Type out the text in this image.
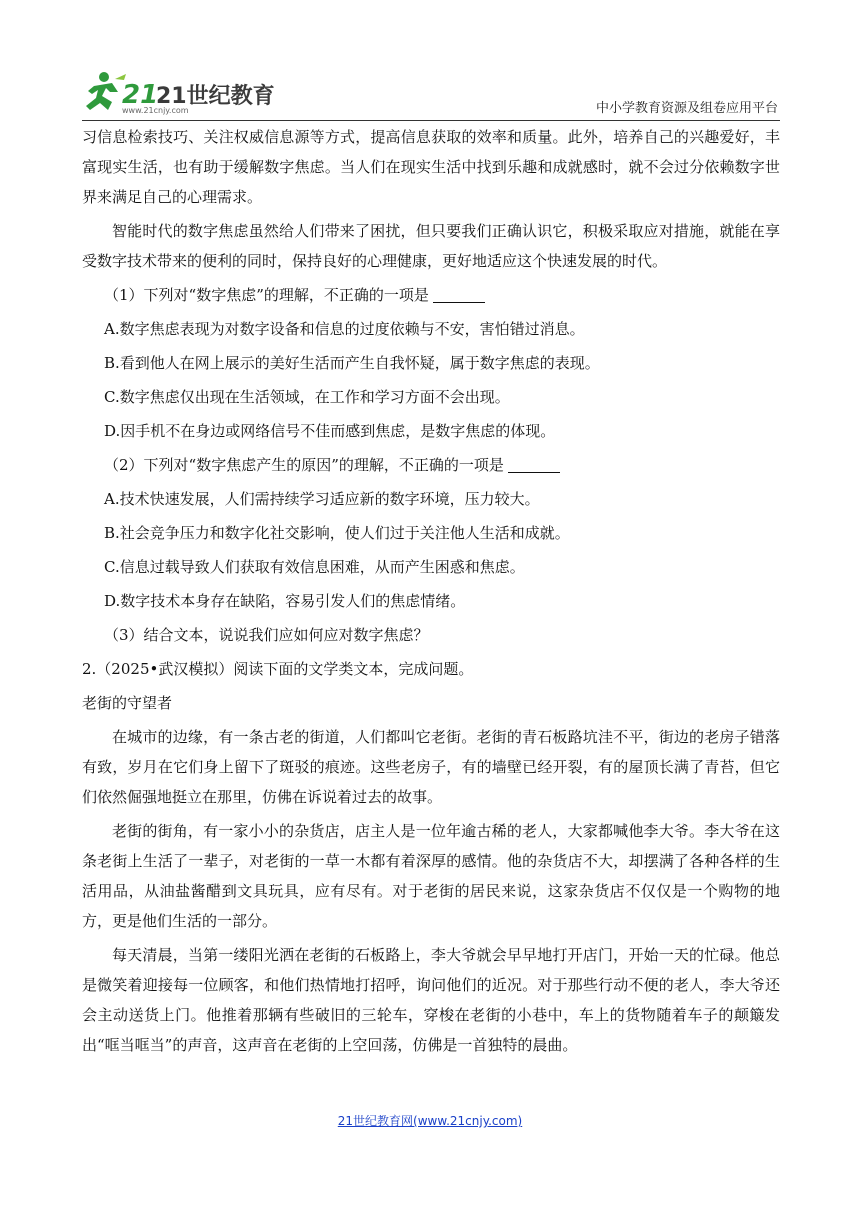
21
21世纪教育
www.21cnjy.com	中小学教育资源及组卷应用平台

习信息检索技巧、关注权威信息源等方式，提高信息获取的效率和质量。此外，培养自己的兴趣爱好，丰富现实生活，也有助于缓解数字焦虑。当人们在现实生活中找到乐趣和成就感时，就不会过分依赖数字世界来满足自己的心理需求。

智能时代的数字焦虑虽然给人们带来了困扰，但只要我们正确认识它，积极采取应对措施，就能在享受数字技术带来的便利的同时，保持良好的心理健康，更好地适应这个快速发展的时代。

（1）下列对“数字焦虑”的理解，不正确的一项是

A.数字焦虑表现为对数字设备和信息的过度依赖与不安，害怕错过消息。

B.看到他人在网上展示的美好生活而产生自我怀疑，属于数字焦虑的表现。

C.数字焦虑仅出现在生活领域，在工作和学习方面不会出现。

D.因手机不在身边或网络信号不佳而感到焦虑，是数字焦虑的体现。

（2）下列对“数字焦虑产生的原因”的理解，不正确的一项是

A.技术快速发展，人们需持续学习适应新的数字环境，压力较大。

B.社会竞争压力和数字化社交影响，使人们过于关注他人生活和成就。

C.信息过载导致人们获取有效信息困难，从而产生困惑和焦虑。

D.数字技术本身存在缺陷，容易引发人们的焦虑情绪。

（3）结合文本，说说我们应如何应对数字焦虑？

2.（2025•武汉模拟）阅读下面的文学类文本，完成问题。

老街的守望者

在城市的边缘，有一条古老的街道，人们都叫它老街。老街的青石板路坑洼不平，街边的老房子错落有致，岁月在它们身上留下了斑驳的痕迹。这些老房子，有的墙壁已经开裂，有的屋顶长满了青苔，但它们依然倔强地挺立在那里，仿佛在诉说着过去的故事。

老街的街角，有一家小小的杂货店，店主人是一位年逾古稀的老人，大家都喊他李大爷。李大爷在这条老街上生活了一辈子，对老街的一草一木都有着深厚的感情。他的杂货店不大，却摆满了各种各样的生活用品，从油盐酱醋到文具玩具，应有尽有。对于老街的居民来说，这家杂货店不仅仅是一个购物的地方，更是他们生活的一部分。

每天清晨，当第一缕阳光洒在老街的石板路上，李大爷就会早早地打开店门，开始一天的忙碌。他总是微笑着迎接每一位顾客，和他们热情地打招呼，询问他们的近况。对于那些行动不便的老人，李大爷还会主动送货上门。他推着那辆有些破旧的三轮车，穿梭在老街的小巷中，车上的货物随着车子的颠簸发出“哐当哐当”的声音，这声音在老街的上空回荡，仿佛是一首独特的晨曲。

21世纪教育网(www.21cnjy.com)
